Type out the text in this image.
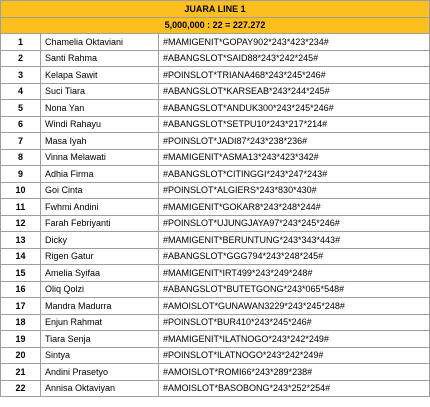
JUARA LINE 1		
5,000,000 : 22 = 227.272		
1	Chamelia Oktaviani	#MAMIGENIT*GOPAY902*243*423*234#
2	Santi Rahma	#ABANGSLOT*SAID88*243*242*245#
3	Kelapa Sawit	#POINSLOT*TRIANA468*243*245*246#
4	Suci Tiara	#ABANGSLOT*KARSEAB*243*244*245#
5	Nona Yan	#ABANGSLOT*ANDUK300*243*245*246#
6	Windi Rahayu	#ABANGSLOT*SETPU10*243*217*214#
7	Masa Iyah	#POINSLOT*JADI87*243*238*236#
8	Vinna Melawati	#MAMIGENIT*ASMA13*243*423*342#
9	Adhia Firma	#ABANGSLOT*CITINGGI*243*247*243#
10	Goi Cinta	#POINSLOT*ALGIERS*243*830*430#
11	Fwhmi Andini	#MAMIGENIT*GOKAR8*243*248*244#
12	Farah Febriyanti	#POINSLOT*UJUNGJAYA97*243*245*246#
13	Dicky	#MAMIGENIT*BERUNTUNG*243*343*443#
14	Rigen Gatur	#ABANGSLOT*GGG794*243*248*245#
15	Amelia Syifaa	#MAMIGENIT*IRT499*243*249*248#
16	Oliq Qolzi	#ABANGSLOT*BUTETGONG*243*065*548#
17	Mandra Madurra	#AMOISLOT*GUNAWAN3229*243*245*248#
18	Enjun Rahmat	#POINSLOT*BUR410*243*245*246#
19	Tiara Senja	#MAMIGENIT*ILATNOGO*243*242*249#
20	Sintya	#POINSLOT*ILATNOGO*243*242*249#
21	Andini Prasetyo	#AMOISLOT*ROMI66*243*289*238#
22	Annisa Oktaviyan	#AMOISLOT*BASOBONG*243*252*254#
